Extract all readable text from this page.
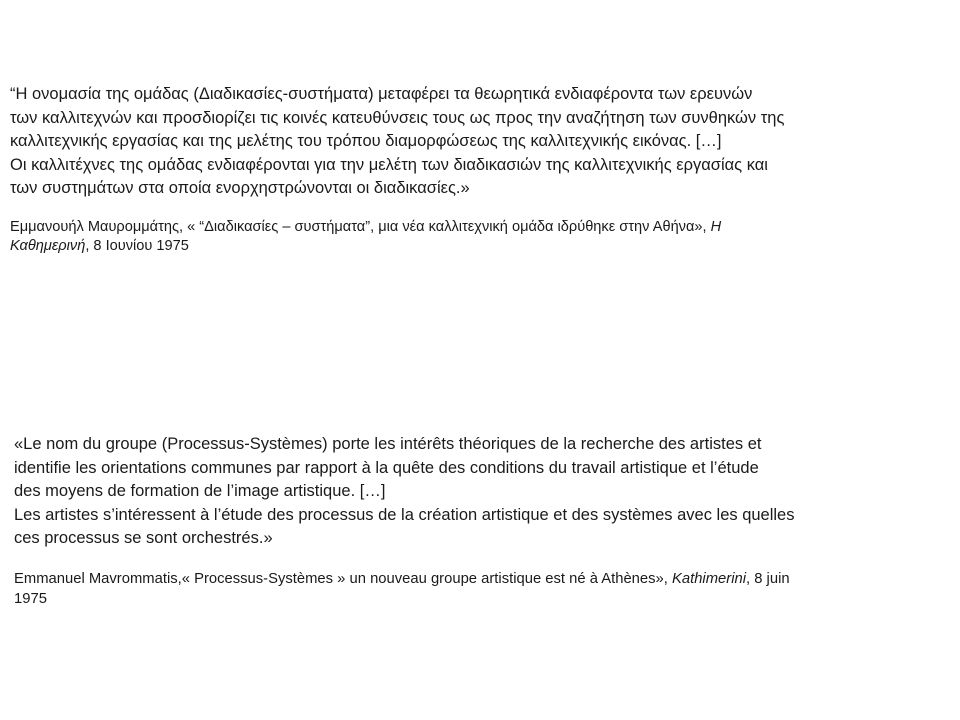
“Η ονομασία της ομάδας (Διαδικασίες-συστήματα) μεταφέρει τα θεωρητικά ενδιαφέροντα των ερευνών
των καλλιτεχνών και προσδιορίζει τις κοινές κατευθύνσεις τους ως προς την αναζήτηση των συνθηκών της
καλλιτεχνικής εργασίας και της μελέτης του τρόπου διαμορφώσεως της καλλιτεχνικής εικόνας. […]
Οι καλλιτέχνες της ομάδας ενδιαφέρονται για την μελέτη των διαδικασιών της καλλιτεχνικής εργασίας και
των συστημάτων στα οποία ενορχηστρώνονται οι διαδικασίες.»
Εμμανουήλ Μαυρομμάτης, « “Διαδικασίες – συστήματα”, μια νέα καλλιτεχνική ομάδα ιδρύθηκε στην Αθήνα», Η
Καθημερινή, 8 Ιουνίου 1975
«Le nom du groupe (Processus-Systèmes) porte les intérêts théoriques de la recherche des artistes et
identifie les orientations communes par rapport à la quête des conditions du travail artistique et l’étude
des moyens de formation de l’image artistique. […]
Les artistes s’intéressent à l’étude des processus de la création artistique et des systèmes avec les quelles
ces processus se sont orchestrés.»
Emmanuel Mavrommatis,« Processus-Systèmes » un nouveau groupe artistique est né à Athènes», Kathimerini, 8 juin
1975
